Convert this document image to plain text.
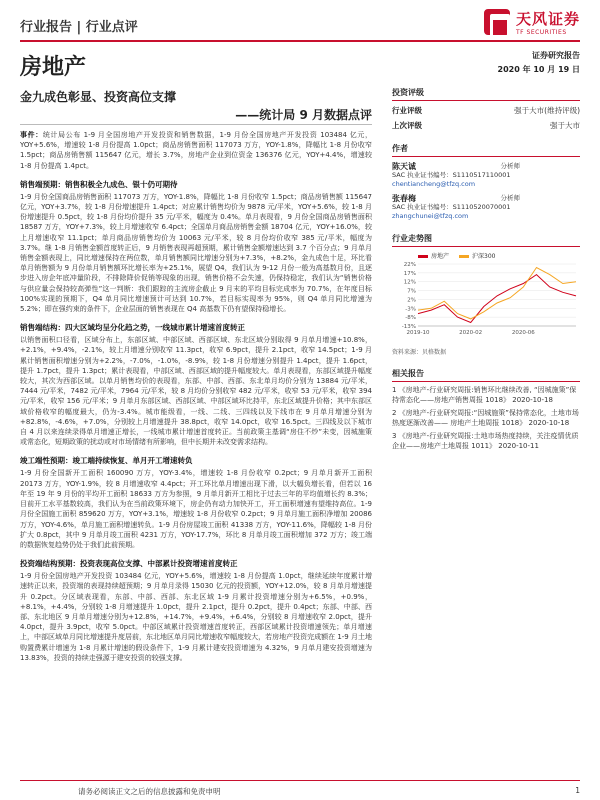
行业报告 | 行业点评	天风证券
TF SECURITIES
房地产
金九成色彰显、投资高位支撑
——统计局 9 月数据点评
事件：统计局公布 1-9 月全国房地产开发投资和销售数据，1-9 月份全国房地产开发投资 103484 亿元，YOY+5.6%，增速较 1-8 月份提高 1.0pct；商品房销售面积 117073 万方，YOY-1.8%，降幅比 1-8 月份收窄 1.5pct；商品房销售额 115647 亿元，增长 3.7%，房地产企业到位资金 136376 亿元，YOY+4.4%，增速较 1-8 月份提高 1.4pct。
销售端预期：销售积极全九成色、银十仍可期待
1-9 月份全国商品房销售面积 117073 万方，YOY-1.8%，降幅比 1-8 月份收窄 1.5pct；商品房销售额 115647 亿元，YOY+3.7%，较 1-8 月份增速提升 1.4pct；对应累计销售均价为 9878 元/平米，YOY+5.6%，较 1-8 月份增速提升 0.5pct，较 1-8 月份均价提升 35 元/平米，幅度为 0.4%。单月表现看，9 月份全国商品房销售面积 18587 万方，YOY+7.3%，较上月增速收窄 6.4pct；全国单月商品房销售金额 18704 亿元，YOY+16.0%，较上月增速收窄 11.1pct；单月商品房销售均价为 10063 元/平米，较 8 月份均价收窄 385 元/平米，幅度为 3.7%。继 1-8 月销售金额首度转正后，9 月销售表现再超预期，累计销售金额增速达到 3.7 个百分点；9 月单月销售金额表现上，同比增速保持在两位数，单月销售额同比增速分别为+7.3%，+8.2%，金九成色十足，环比看单月销售额为 9 月份单月销售额环比增长率为+25.1%，展望 Q4，我们认为 9-12 月份一般为高基数月份，且逐步进入房企年底冲量阶段，不排除降价促销等现象的出现，销售价格不会失速，仍保持稳定，我们认为“销售价格与供应量会保持较高弹性”这一判断：我们跟踪的主流房企截止 9 月末的平均目标完成率为 70.7%，在年度目标 100%实现的预期下，Q4 单月同比增速预计可达到 10.7%，若目标实现率为 95%，则 Q4 单月同比增速为 5.2%；即在强约束的条件下，企业层面的销售表现在 Q4 高基数下仍有望保持稳增长。
销售端结构：四大区域均呈分化趋之势，一线城市累计增速首度转正
以销售面积口径看，区域分布上，东部区域、中部区域、西部区域、东北区域分别取得 9 月单月增速+10.8%，+2.1%，+9.4%，-2.1%，较上月增速分别收窄 11.3pct，收窄 6.9pct，提升 2.1pct，收窄 14.5pct；1-9 月累计销售面积增速分别为+2.2%，-7.0%，-1.0%，-8.9%，较 1-8 月份增速分别提升 1.4pct，提升 1.6pct，提升 1.7pct，提升 1.3pct；累计表现看，中部区域、西部区域的提升幅度较大。单月表现看，东部区域提升幅度较大，其次为西部区域。以单月销售均价的表现看，东部、中部、西部、东北单月均价分别为 13884 元/平米，7444 元/平米，7482 元/平米，7964 元/平米，较 8 月均价分别收窄 482 元/平米，收窄 53 元/平米，收窄 394 元/平米，收窄 156 元/平米；9 月单月东部区域、西部区域、中部区域环比持平，东北区域提升价格；其中东部区域价格收窄的幅度最大，仍为-3.4%。城市能级看，一线、二线、三四线以及下线市在 9 月单月增速分别为+82.8%，-4.6%，+7.0%，分别较上月增速提升 38.8pct，收窄 14.0pct，收窄 16.5pct。三四线及以下城市自 4 月以来连续录得单月增速正增长，一线城市累计增速首度转正。当前政策主基调“房住不炒”未变，因城施策或常态化，短期政策的扰动或对市场情绪有所影响，但中长期并未改变需求结构。
竣工端性预期：竣工端持续恢复、单月开工增速转负
1-9 月份全国新开工面积 160090 万方，YOY-3.4%，增速较 1-8 月份收窄 0.2pct；9 月单月新开工面积 20173 万方，YOY-1.9%，较 8 月增速收窄 4.4pct；开工环比单月增速出现下滑，以大幅负增长看，但若以 16 年至 19 年 9 月份的平均开工面积 18633 万方为参照，9 月单月新开工相比于过去三年的平均值增长约 8.3%；目前开工水平基数较高，我们认为在当前政策环境下，房企仍有动力加快开工，开工面积增速有望维持高位。1-9 月份全国施工面积 859620 万方，YOY+3.1%，增速较 1-8 月份收窄 0.2pct；9 月单月施工面积净增加 20086 万方，YOY-4.6%，单月施工面积增速转负。1-9 月份房屋竣工面积 41338 万方，YOY-11.6%，降幅较 1-8 月份扩大 0.8pct，其中 9 月单月竣工面积 4231 万方，YOY-17.7%，环比 8 月单月竣工面积增加 372 万方；竣工端的数据恢复趋势仍处于我们此前预期。
投资端结构预期：投资表现高位支撑、中部累计投资增速首度转正
1-9 月份全国房地产开发投资 103484 亿元，YOY+5.6%，增速较 1-8 月份提高 1.0pct，继续延续年度累计增速转正以来，投资端的表现持续超预期；9 月单月录得 15030 亿元的投资额，YOY+12.0%，较 8 月单月增速提升 0.2pct。分区域表现看，东部、中部、西部、东北区域 1-9 月累计投资增速分别为+6.5%，+0.9%，+8.1%，+4.4%，分别较 1-8 月增速提升 1.0pct，提升 2.1pct，提升 0.2pct，提升 0.4pct；东部、中部、西部、东北地区 9 月单月增速分别为+12.8%，+14.7%，+9.4%，+6.4%，分别较 8 月增速收窄 2.0pct，提升 4.0pct，提升 3.9pct，收窄 5.0pct。中部区域累计投资增速首度转正，西部区域累计投资增速领先；单月增速上，中部区域单月同比增速提升度居前，东北地区单月同比增速收窄幅度较大，若房地产投资完成额在 1-9 月土地购置费累计增速为 1-8 月累计增速的假设条件下，1-9 月累计建安投资增速为 4.32%，9 月单月建安投资增速为 13.83%，投资的持续走强源于建安投资的较强支撑。
证券研究报告
2020 年 10 月 19 日
投资评级
行业评级	强于大市(维持评级)
上次评级	强于大市
作者
陈天诚	分析师
SAC 执业证书编号：S1110517110001
chentiancheng@tfzq.com
张春梅	分析师
SAC 执业证书编号：S1110520070001
zhangchunei@tfzq.com
行业走势图
房地产	沪深300
22%
17%
12%
7%
2%
-3%
-8%
-13%
2019-10	2020-02	2020-06
资料来源：贝格数据
相关报告
1 《房地产-行业研究周报:销售环比继续改善, “因城施策”保持常态化——房地产销售周报 1018》 2020-10-18
2 《房地产-行业研究周报:“因城施策”保持常态化，土地市场热度逐渐改善—— 房地产土地周报 1018》 2020-10-18
3 《房地产-行业研究周报:土地市场热度持续，关注疫情优质企业——房地产土地周报 1011》 2020-10-11
请务必阅读正文之后的信息披露和免责申明	1
